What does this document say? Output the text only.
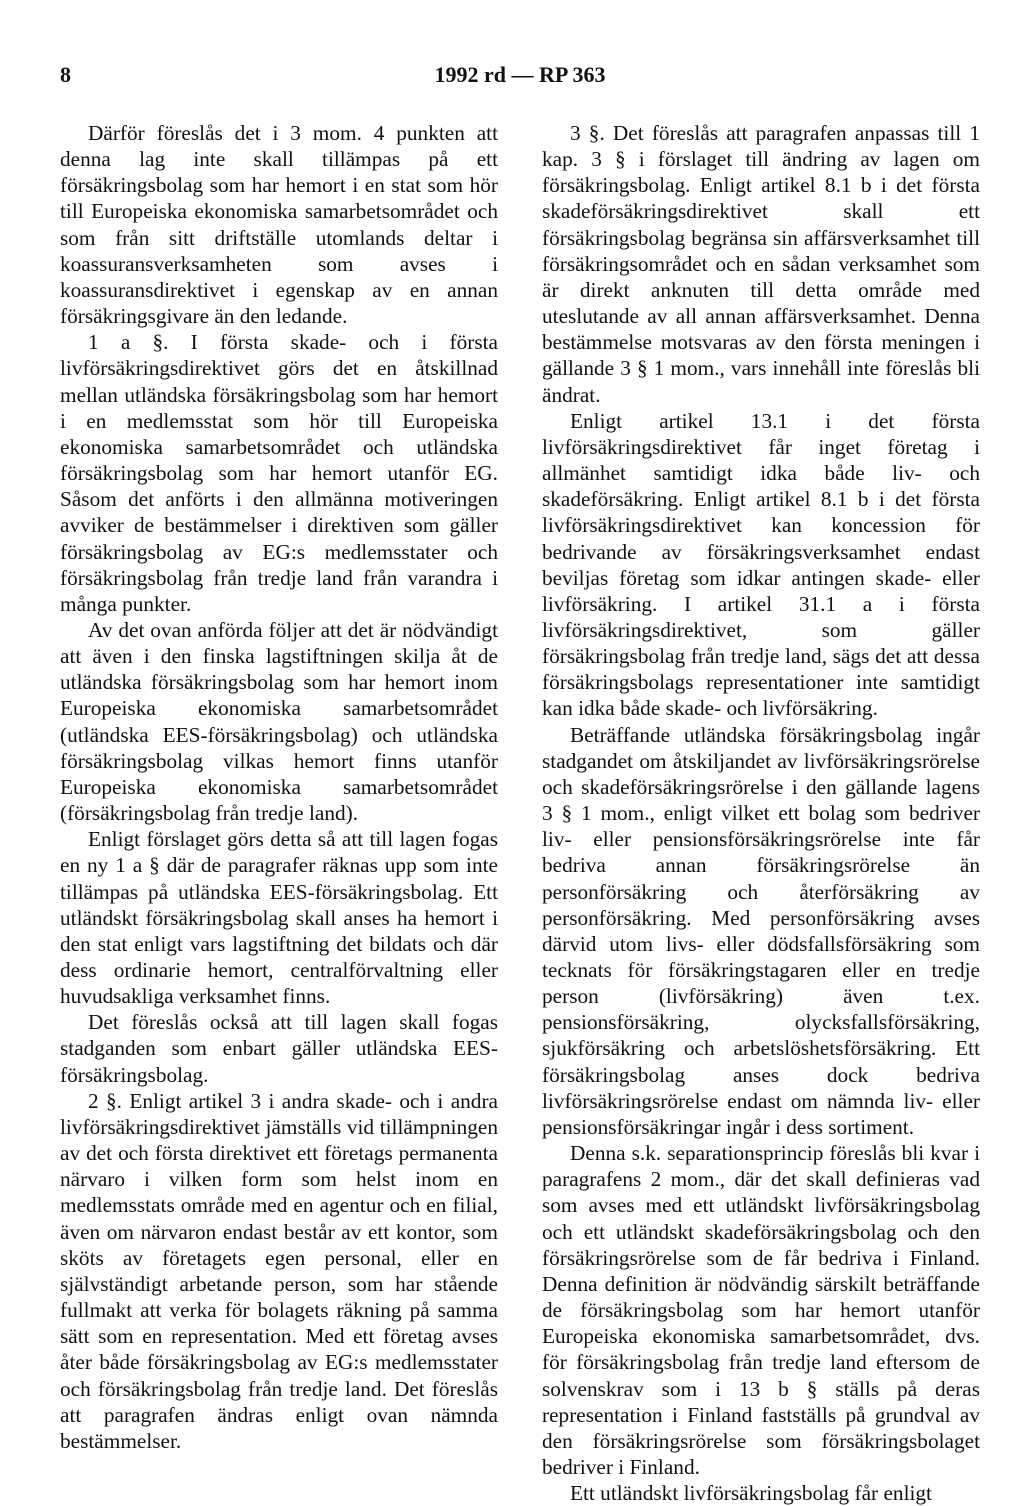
8	1992 rd — RP 363

Därför föreslås det i 3 mom. 4 punkten att denna lag inte skall tillämpas på ett försäkringsbolag som har hemort i en stat som hör till Europeiska ekonomiska samarbetsområdet och som från sitt driftställe utomlands deltar i koassuransverksamheten som avses i koassuransdirektivet i egenskap av en annan försäkringsgivare än den ledande.

1 a §. I första skade- och i första livförsäkringsdirektivet görs det en åtskillnad mellan utländska försäkringsbolag som har hemort i en medlemsstat som hör till Europeiska ekonomiska samarbetsområdet och utländska försäkringsbolag som har hemort utanför EG. Såsom det anförts i den allmänna motiveringen avviker de bestämmelser i direktiven som gäller försäkringsbolag av EG:s medlemsstater och försäkringsbolag från tredje land från varandra i många punkter.

Av det ovan anförda följer att det är nödvändigt att även i den finska lagstiftningen skilja åt de utländska försäkringsbolag som har hemort inom Europeiska ekonomiska samarbetsområdet (utländska EES-försäkringsbolag) och utländska försäkringsbolag vilkas hemort finns utanför Europeiska ekonomiska samarbetsområdet (försäkringsbolag från tredje land).

Enligt förslaget görs detta så att till lagen fogas en ny 1 a § där de paragrafer räknas upp som inte tillämpas på utländska EES-försäkringsbolag. Ett utländskt försäkringsbolag skall anses ha hemort i den stat enligt vars lagstiftning det bildats och där dess ordinarie hemort, centralförvaltning eller huvudsakliga verksamhet finns.

Det föreslås också att till lagen skall fogas stadganden som enbart gäller utländska EES-försäkringsbolag.

2 §. Enligt artikel 3 i andra skade- och i andra livförsäkringsdirektivet jämställs vid tillämpningen av det och första direktivet ett företags permanenta närvaro i vilken form som helst inom en medlemsstats område med en agentur och en filial, även om närvaron endast består av ett kontor, som sköts av företagets egen personal, eller en självständigt arbetande person, som har stående fullmakt att verka för bolagets räkning på samma sätt som en representation. Med ett företag avses åter både försäkringsbolag av EG:s medlemsstater och försäkringsbolag från tredje land. Det föreslås att paragrafen ändras enligt ovan nämnda bestämmelser.

3 §. Det föreslås att paragrafen anpassas till 1 kap. 3 § i förslaget till ändring av lagen om försäkringsbolag. Enligt artikel 8.1 b i det första skadeförsäkringsdirektivet skall ett försäkringsbolag begränsa sin affärsverksamhet till försäkringsområdet och en sådan verksamhet som är direkt anknuten till detta område med uteslutande av all annan affärsverksamhet. Denna bestämmelse motsvaras av den första meningen i gällande 3 § 1 mom., vars innehåll inte föreslås bli ändrat.

Enligt artikel 13.1 i det första livförsäkringsdirektivet får inget företag i allmänhet samtidigt idka både liv- och skadeförsäkring. Enligt artikel 8.1 b i det första livförsäkringsdirektivet kan koncession för bedrivande av försäkringsverksamhet endast beviljas företag som idkar antingen skade- eller livförsäkring. I artikel 31.1 a i första livförsäkringsdirektivet, som gäller försäkringsbolag från tredje land, sägs det att dessa försäkringsbolags representationer inte samtidigt kan idka både skade- och livförsäkring.

Beträffande utländska försäkringsbolag ingår stadgandet om åtskiljandet av livförsäkringsrörelse och skadeförsäkringsrörelse i den gällande lagens 3 § 1 mom., enligt vilket ett bolag som bedriver liv- eller pensionsförsäkringsrörelse inte får bedriva annan försäkringsrörelse än personförsäkring och återförsäkring av personförsäkring. Med personförsäkring avses därvid utom livs- eller dödsfallsförsäkring som tecknats för försäkringstagaren eller en tredje person (livförsäkring) även t.ex. pensionsförsäkring, olycksfallsförsäkring, sjukförsäkring och arbetslöshetsförsäkring. Ett försäkringsbolag anses dock bedriva livförsäkringsrörelse endast om nämnda liv- eller pensionsförsäkringar ingår i dess sortiment.

Denna s.k. separationsprincip föreslås bli kvar i paragrafens 2 mom., där det skall definieras vad som avses med ett utländskt livförsäkringsbolag och ett utländskt skadeförsäkringsbolag och den försäkringsrörelse som de får bedriva i Finland. Denna definition är nödvändig särskilt beträffande de försäkringsbolag som har hemort utanför Europeiska ekonomiska samarbetsområdet, dvs. för försäkringsbolag från tredje land eftersom de solvenskrav som i 13 b § ställs på deras representation i Finland fastställs på grundval av den försäkringsrörelse som försäkringsbolaget bedriver i Finland.

Ett utländskt livförsäkringsbolag får enligt
